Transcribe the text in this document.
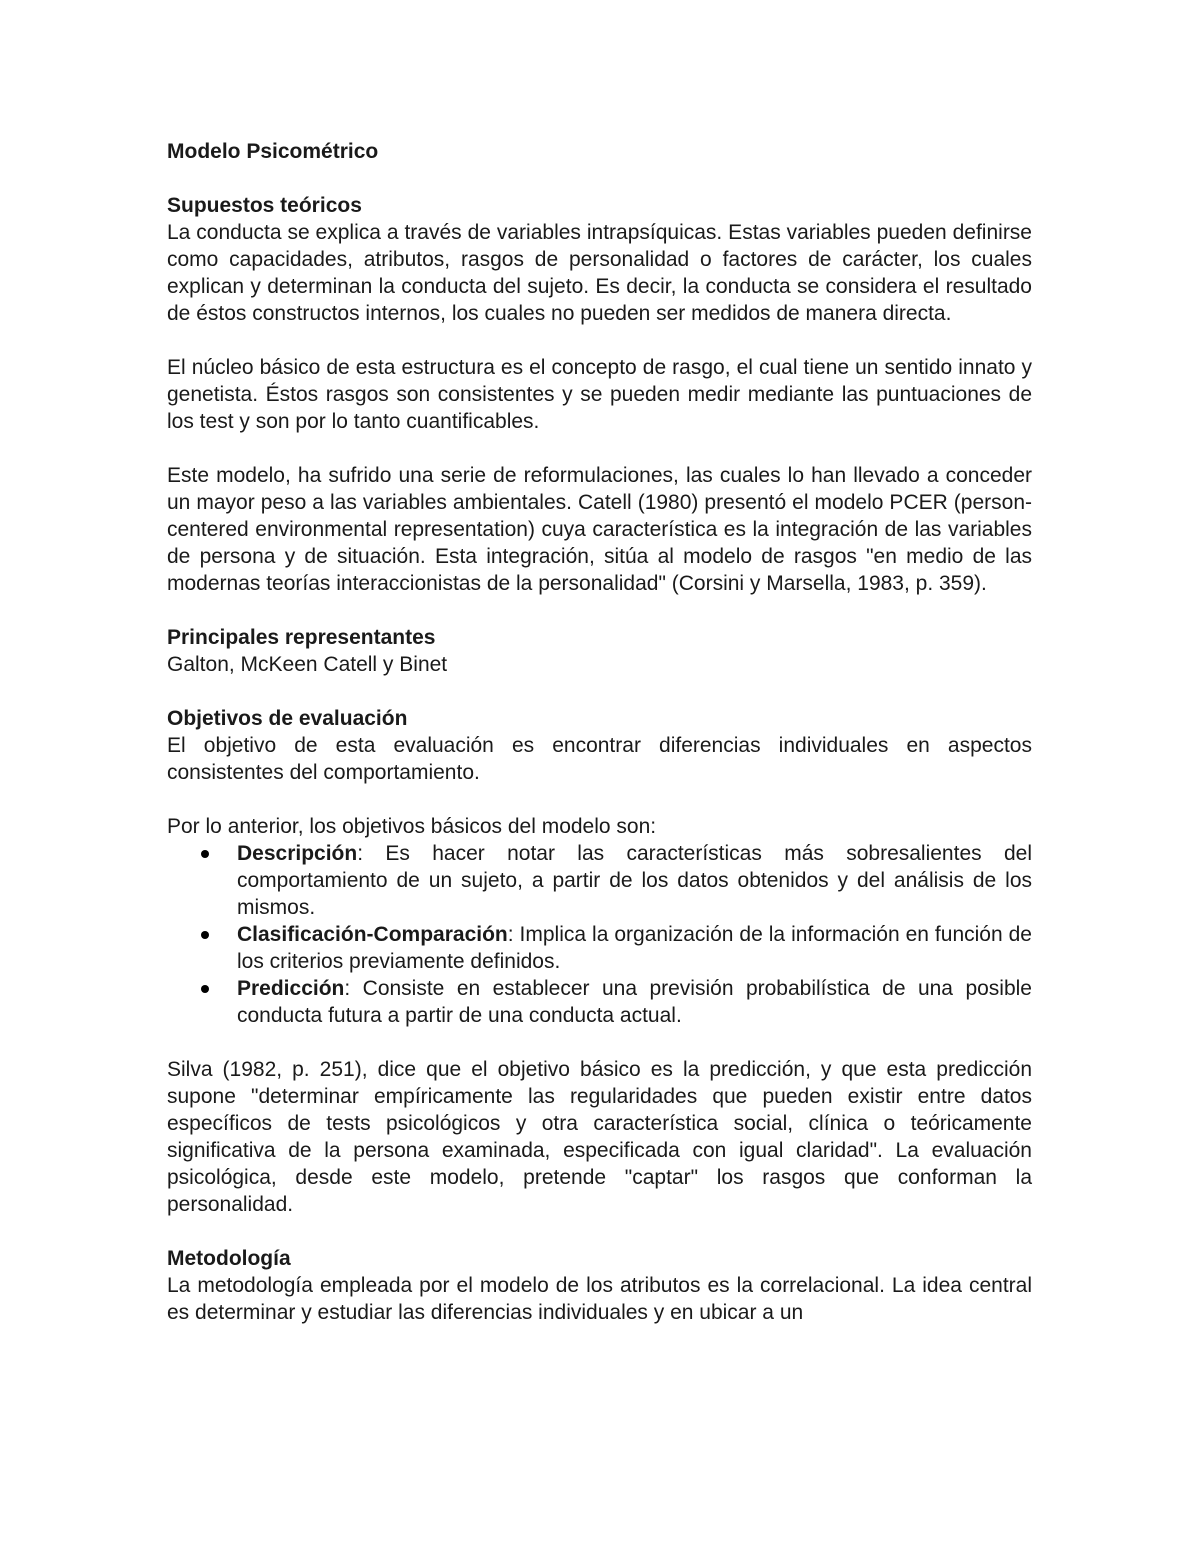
Modelo Psicométrico
Supuestos teóricos

La conducta se explica a través de variables intrapsíquicas. Estas variables pueden definirse como capacidades, atributos, rasgos de personalidad o factores de carácter, los cuales explican y determinan la conducta del sujeto. Es decir, la conducta se considera el resultado de éstos constructos internos, los cuales no pueden ser medidos de manera directa.

El núcleo básico de esta estructura es el concepto de rasgo, el cual tiene un sentido innato y genetista. Éstos rasgos son consistentes y se pueden medir mediante las puntuaciones de los test y son por lo tanto cuantificables.

Este modelo, ha sufrido una serie de reformulaciones, las cuales lo han llevado a conceder un mayor peso a las variables ambientales. Catell (1980) presentó el modelo PCER (person-centered environmental representation) cuya característica es la integración de las variables de persona y de situación. Esta integración, sitúa al modelo de rasgos "en medio de las modernas teorías interaccionistas de la personalidad" (Corsini y Marsella, 1983, p. 359).

Principales representantes

Galton, McKeen Catell y Binet

Objetivos de evaluación

El objetivo de esta evaluación es encontrar diferencias individuales en aspectos consistentes del comportamiento.

Por lo anterior, los objetivos básicos del modelo son:

Descripción: Es hacer notar las características más sobresalientes del comportamiento de un sujeto, a partir de los datos obtenidos y del análisis de los mismos.
Clasificación-Comparación: Implica la organización de la información en función de los criterios previamente definidos.
Predicción: Consiste en establecer una previsión probabilística de una posible conducta futura a partir de una conducta actual.

Silva (1982, p. 251), dice que el objetivo básico es la predicción, y que esta predicción supone "determinar empíricamente las regularidades que pueden existir entre datos específicos de tests psicológicos y otra característica social, clínica o teóricamente significativa de la persona examinada, especificada con igual claridad". La evaluación psicológica, desde este modelo, pretende "captar" los rasgos que conforman la personalidad.

Metodología

La metodología empleada por el modelo de los atributos es la correlacional. La idea central es determinar y estudiar las diferencias individuales y en ubicar a un
